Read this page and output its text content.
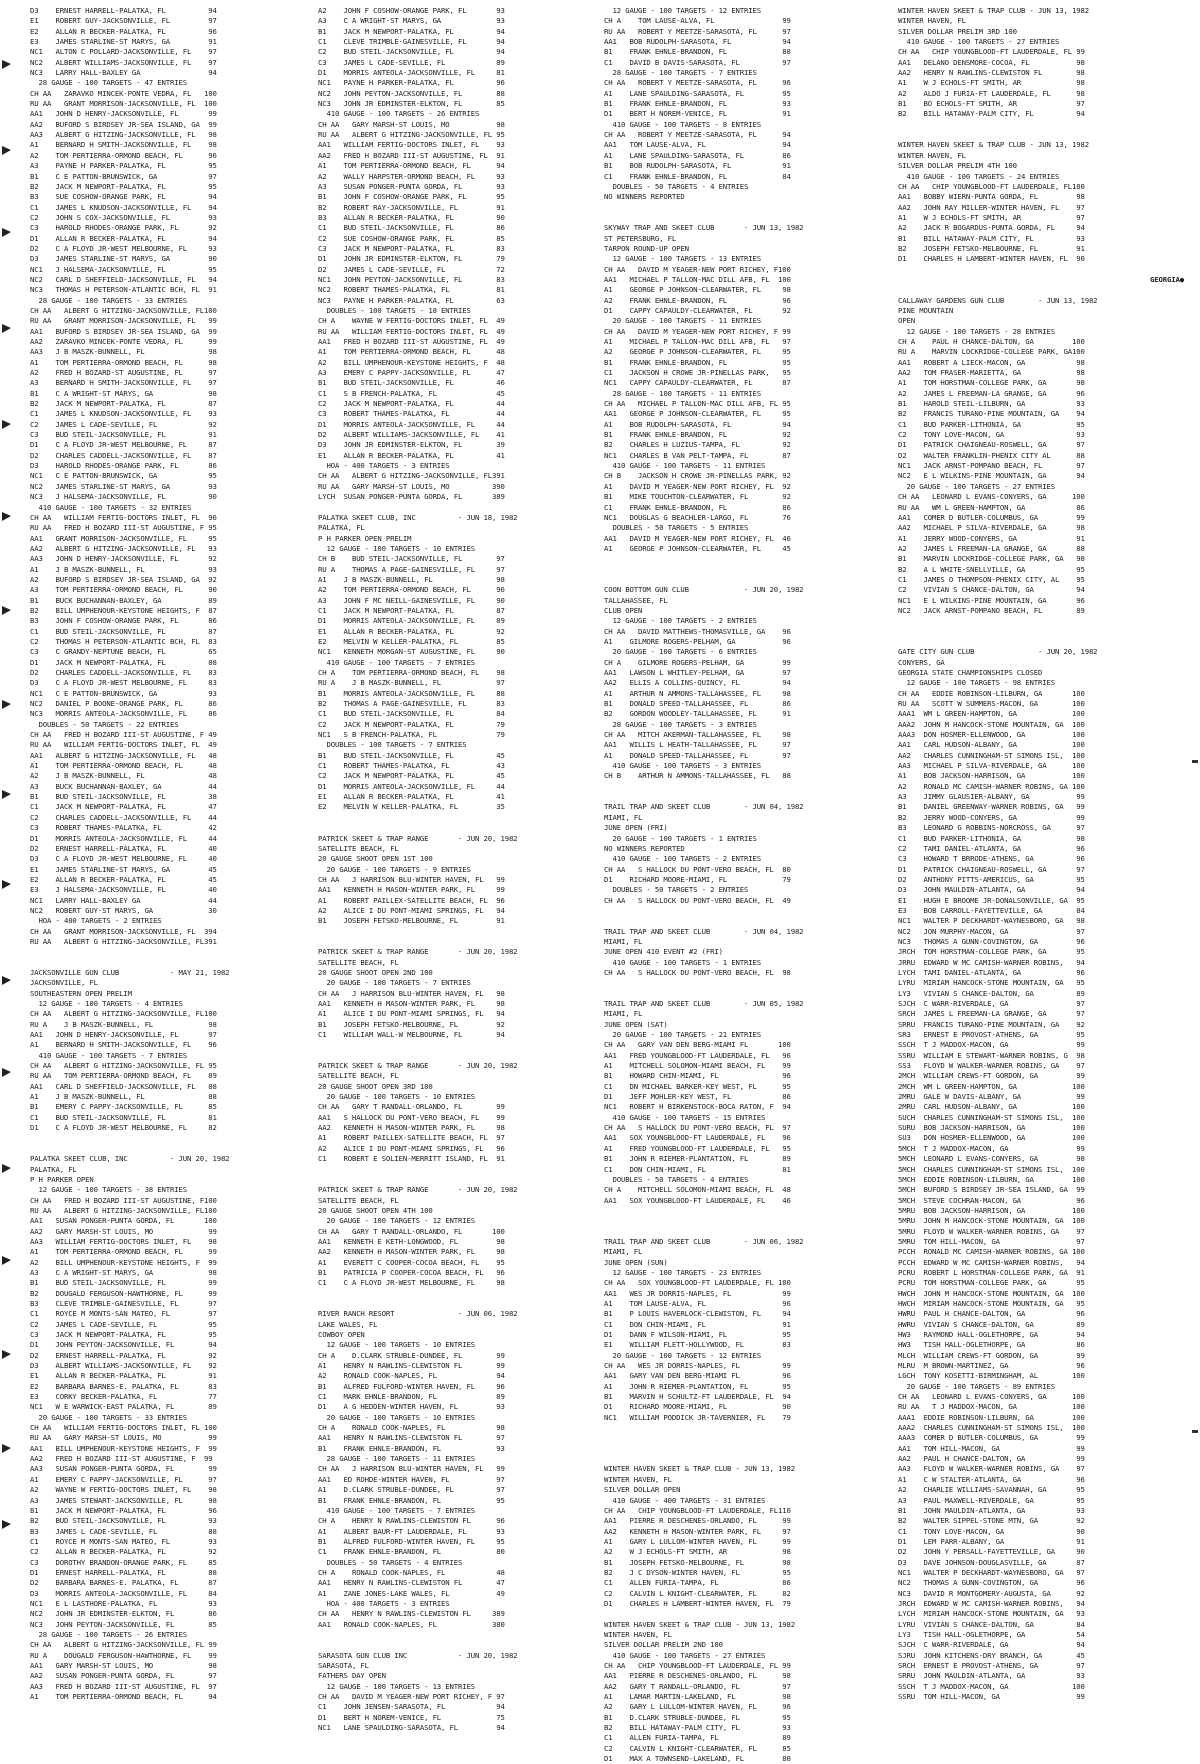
D3    ERNEST HARRELL-PALATKA, FL          94
E1    ROBERT GUY-JACKSONVILLE, FL         97
E2    ALLAN R BECKER-PALATKA, FL          96
E3    JAMES STARLINE-ST MARYS, GA         91
NC1   ALTON C POLLARD-JACKSONVILLE, FL    97
NC2   ALBERT WILLIAMS-JACKSONVILLE, FL    97
NC3   LARRY HALL-BAXLEY GA                94
28 GAUGE - 100 TARGETS - 47 ENTRIES
CH AA   ZARAVKO MINCEK-PONTE VEDRA, FL   100
RU AA   GRANT MORRISON-JACKSONVILLE, FL  100
AA1   JOHN D HENRY-JACKSONVILLE, FL       99
AA2   BUFORD S BIRDSEY JR-SEA ISLAND, GA  99
AA3   ALBERT G HITZING-JACKSONVILLE, FL   98
A1    BERNARD H SMITH-JACKSONVILLE, FL    98
A2    TOM PERTIERRA-ORMOND BEACH, FL      96
A3    PAYNE H PARKER-PALATKA, FL          95
B1    C E PATTON-BRUNSWICK, GA            97
B2    JACK M NEWPORT-PALATKA, FL          95
B3    SUE COSHOW-ORANGE PARK, FL          94
C1    JAMES L KNUDSON-JACKSONVILLE, FL    94
C2    JOHN S COX-JACKSONVILLE, FL         93
C3    HAROLD RHODES-ORANGE PARK, FL       92
D1    ALLAN R BECKER-PALATKA, FL          94
D2    C A FLOYD JR-WEST MELBOURNE, FL     93
D3    JAMES STARLINE-ST MARYS, GA         90
NC1   J HALSEMA-JACKSONVILLE, FL          95
NC2   CARL D SHEFFIELD-JACKSONVILLE, FL   94
NC3   THOMAS H PETERSON-ATLANTIC BCH, FL  91
28 GAUGE - 100 TARGETS - 33 ENTRIES
CH AA   ALBERT G HITZING-JACKSONVILLE, FL100
RU AA   GRANT MORRISON-JACKSONVILLE, FL   99
AA1   BUFORD S BIRDSEY JR-SEA ISLAND, GA  99
AA2   ZARAVKO MINCEK-PONTE VEDRA, FL      99
AA3   J B MASZK-BUNNELL, FL               98
A1    TOM PERTIERRA-ORMOND BEACH, FL      98
A2    FRED H BOZARD-ST AUGUSTINE, FL      97
A3    BERNARD H SMITH-JACKSONVILLE, FL    97
B1    C A WRIGHT-ST MARYS, GA             98
B2    JACK M NEWPORT-PALATKA, FL          87
C1    JAMES L KNUDSON-JACKSONVILLE, FL    93
C2    JAMES L CADE-SEVILLE, FL            92
C3    BUD STEIL-JACKSONVILLE, FL          91
D1    C A FLOYD JR-WEST MELBOURNE, FL     87
D2    CHARLES CADDELL-JACKSONVILLE, FL    87
D3    HAROLD RHODES-ORANGE PARK, FL       86
NC1   C E PATTON-BRUNSWICK, GA            95
NC2   JAMES STARLINE-ST MARYS, GA         93
NC3   J HALSEMA-JACKSONVILLE, FL          90
410 GAUGE - 100 TARGETS - 32 ENTRIES
CH AA   WILLIAM FERTIG-DOCTORS INLET, FL  96
RU AA   FRED H BOZARD III-ST AUGUSTINE, F 95
AA1   GRANT MORRISON-JACKSONVILLE, FL     95
AA2   ALBERT G HITZING-JACKSONVILLE, FL   93
AA3   JOHN D HENRY-JACKSONVILLE, FL       92
A1    J B MASZK-BUNNELL, FL               93
A2    BUFORD S BIRDSEY JR-SEA ISLAND, GA  92
A3    TOM PERTIERRA-ORMOND BEACH, FL      90
B1    BUCK BUCHANNAN-BAXLEY, GA           89
B2    BILL UMPHENOUR-KEYSTONE HEIGHTS, F  87
B3    JOHN F COSHOW-ORANGE PARK, FL       86
C1    BUD STEIL-JACKSONVILLE, FL          87
C2    THOMAS H PETERSON-ATLANTIC BCH, FL  83
C3    C GRANDY-NEPTUNE BEACH, FL          65
D1    JACK M NEWPORT-PALATKA, FL          88
D2    CHARLES CADDELL-JACKSONVILLE, FL    83
D3    C A FLOYD JR-WEST MELBOURNE, FL     83
NC1   C E PATTON-BRUNSWICK, GA            93
NC2   DANIEL P BOONE-ORANGE PARK, FL      86
NC3   MORRIS ANTEOLA-JACKSONVILLE, FL     86
DOUBLES - 50 TARGETS - 22 ENTRIES
CH AA   FRED H BOZARD III-ST AUGUSTINE, F 49
RU AA   WILLIAM FERTIG-DOCTORS INLET, FL  49
AA1   ALBERT G HITZING-JACKSONVILLE, FL   48
A1    TOM PERTIERRA-ORMOND BEACH, FL      48
A2    J B MASZK-BUNNELL, FL               48
A3    BUCK BUCHANNAN-BAXLEY, GA           44
B1    BUD STEIL-JACKSONVILLE, FL          38
C1    JACK M NEWPORT-PALATKA, FL          47
C2    CHARLES CADDELL-JACKSONVILLE, FL    44
C3    ROBERT THAMES-PALATKA, FL           42
D1    MORRIS ANTEOLA-JACKSONVILLE, FL     44
D2    ERNEST HARRELL-PALATKA, FL          40
D3    C A FLOYD JR-WEST MELBOURNE, FL     40
E1    JAMES STARLINE-ST MARYS, GA         45
E2    ALLAN R BECKER-PALATKA, FL          45
E3    J HALSEMA-JACKSONVILLE, FL          40
NC1   LARRY HALL-BAXLEY GA                44
NC2   ROBERT GUY-ST MARYS, GA             30
HOA - 400 TARGETS - 2 ENTRIES
CH AA   GRANT MORRISON-JACKSONVILLE, FL  394
RU AA   ALBERT G HITZING-JACKSONVILLE, FL391
JACKSONVILLE GUN CLUB            - MAY 21, 1982
JACKSONVILLE, FL
SOUTHEASTERN OPEN PRELIM
12 GAUGE - 100 TARGETS - 4 ENTRIES
CH AA   ALBERT G HITZING-JACKSONVILLE, FL100
RU A    J B MASZK-BUNNELL, FL             98
AA1   JOHN D HENRY-JACKSONVILLE, FL       97
A1    BERNARD H SMITH-JACKSONVILLE, FL    96
410 GAUGE - 100 TARGETS - 7 ENTRIES
CH AA   ALBERT G HITZING-JACKSONVILLE, FL 95
RU AA   TOM PERTIERRA-ORMOND BEACH, FL    89
AA1   CARL D SHEFFIELD-JACKSONVILLE, FL   88
A1    J B MASZK-BUNNELL, FL               88
B1    EMERY C PAPPY-JACKSONVILLE, FL      85
C1    BUD STEIL-JACKSONVILLE, FL          81
D1    C A FLOYD JR-WEST MELBOURNE, FL     82
PALATKA SKEET CLUB, INC          - JUN 20, 1982
PALATKA, FL
P H PARKER OPEN
12 GAUGE - 100 TARGETS - 38 ENTRIES
CH AA   FRED H BOZARD III-ST AUGUSTINE, F100
RU AA   ALBERT G HITZING-JACKSONVILLE, FL100
AA1   SUSAN PONGER-PUNTA GORDA, FL       100
AA2   GARY MARSH-ST LOUIS, MO             99
AA3   WILLIAM FERTIG-DOCTORS INLET, FL    98
A1    TOM PERTIERRA-ORMOND BEACH, FL      99
A2    BILL UMPHENOUR-KEYSTONE HEIGHTS, F  99
A3    C A WRIGHT-ST MARYS, GA             98
B1    BUD STEIL-JACKSONVILLE, FL          99
B2    DOUGALD FERGUSON-HAWTHORNE, FL      99
B3    CLEVE TRIMBLE-GAINESVILLE, FL       97
C1    ROYCE M MONTS-SAN MATEO, FL         97
C2    JAMES L CADE-SEVILLE, FL            95
C3    JACK M NEWPORT-PALATKA, FL          95
D1    JOHN PEYTON-JACKSONVILLE, FL        94
D2    ERNEST HARRELL-PALATKA, FL          92
D3    ALBERT WILLIAMS-JACKSONVILLE, FL    92
E1    ALLAN R BECKER-PALATKA, FL          91
E2    BARBARA BARNES-E. PALATKA, FL       83
E3    CORKY BECKER-PALATKA, FL            77
NC1   W E WARWICK-EAST PALATKA, FL        89
20 GAUGE - 100 TARGETS - 33 ENTRIES
CH AA   WILLIAM FERTIG-DOCTORS INLET, FL 100
RU AA   GARY MARSH-ST LOUIS, MO           99
AA1   BILL UMPHENOUR-KEYSTONE HEIGHTS, F  99
AA2   FRED H BOZARD III-ST AUGUSTINE, F  99
AA3   SUSAN PONGER-PUNTA GORDA, FL        99
A1    EMERY C PAPPY-JACKSONVILLE, FL      97
A2    WAYNE W FERTIG-DOCTORS INLET, FL    98
A3    JAMES STEWART-JACKSONVILLE, FL      98
B1    JACK M NEWPORT-PALATKA, FL          96
B2    BUD STEIL-JACKSONVILLE, FL          93
B3    JAMES L CADE-SEVILLE, FL            88
C1    ROYCE M MONTS-SAN MATEO, FL         93
C2    ALLAN R BECKER-PALATKA, FL          92
C3    DOROTHY BRANDON-ORANGE PARK, FL     85
D1    ERNEST HARRELL-PALATKA, FL          88
D2    BARBARA BARNES-E. PALATKA, FL       87
D3    MORRIS ANTEOLA-JACKSONVILLE, FL     84
NC1   E L LASTHORE-PALATKA, FL            93
NC2   JOHN JR EDMINSTER-ELKTON, FL        86
NC3   JOHN PEYTON-JACKSONVILLE, FL        85
28 GAUGE - 100 TARGETS - 26 ENTRIES
CH AA   ALBERT G HITZING-JACKSONVILLE, FL 99
RU A    DOUGALD FERGUSON-HAWTHORNE, FL    99
AA1   GARY MARSH-ST LOUIS, MO             98
AA2   SUSAN PONGER-PUNTA GORDA, FL        97
AA3   FRED H BOZARD III-ST AUGUSTINE, FL  97
A1    TOM PERTIERRA-ORMOND BEACH, FL      94
A2    JOHN F COSHOW-ORANGE PARK, FL       93
A3    C A WRIGHT-ST MARYS, GA             93
B1    JACK M NEWPORT-PALATKA, FL          94
C1    CLEVE TRIMBLE-GAINESVILLE, FL       94
C2    BUD STEIL-JACKSONVILLE, FL          94
C3    JAMES L CADE-SEVILLE, FL            89
D1    MORRIS ANTEOLA-JACKSONVILLE, FL     81
NC1   PAYNE H PARKER-PALATKA, FL          96
NC2   JOHN PEYTON-JACKSONVILLE, FL        88
NC3   JOHN JR EDMINSTER-ELKTON, FL        85
410 GAUGE - 100 TARGETS - 26 ENTRIES
CH AA   GARY MARSH-ST LOUIS, MO           98
RU AA   ALBERT G HITZING-JACKSONVILLE, FL 95
AA1   WILLIAM FERTIG-DOCTORS INLET, FL    93
AA2   FRED H BOZARD III-ST AUGUSTINE, FL  91
A1    TOM PERTIERRA-ORMOND BEACH, FL      94
A2    WALLY HARPSTER-ORMOND BEACH, FL     93
A3    SUSAN PONGER-PUNTA GORDA, FL        93
B1    JOHN F COSHOW-ORANGE PARK, FL       95
B2    ROBERT RAY-JACKSONVILLE, FL         91
B3    ALLAN R BECKER-PALATKA, FL          90
C1    BUD STEIL-JACKSONVILLE, FL          86
C2    SUE COSHOW-ORANGE PARK, FL          85
C3    JACK M NEWPORT-PALATKA, FL          83
D1    JOHN JR EDMINSTER-ELKTON, FL        79
D2    JAMES L CADE-SEVILLE, FL            72
NC1   JOHN PEYTON-JACKSONVILLE, FL        83
NC2   ROBERT THAMES-PALATKA, FL           81
NC3   PAYNE H PARKER-PALATKA, FL          63
DOUBLES - 100 TARGETS - 18 ENTRIES
CH A    WAYNE W FERTIG-DOCTORS INLET, FL  49
RU AA   WILLIAM FERTIG-DOCTORS INLET, FL  49
AA1   FRED H BOZARD III-ST AUGUSTINE, FL  49
A1    TOM PERTIERRA-ORMOND BEACH, FL      48
A2    BILL UMPHENOUR-KEYSTONE HEIGHTS, F  48
A3    EMERY C PAPPY-JACKSONVILLE, FL      47
B1    BUD STEIL-JACKSONVILLE, FL          46
C1    S B FRENCH-PALATKA, FL              45
C2    JACK M NEWPORT-PALATKA, FL          44
C3    ROBERT THAMES-PALATKA, FL           44
D1    MORRIS ANTEOLA-JACKSONVILLE, FL     44
D2    ALBERT WILLIAMS-JACKSONVILLE, FL    41
D3    JOHN JR EDMINSTER-ELKTON, FL        39
E1    ALLAN R BECKER-PALATKA, FL          41
HOA - 400 TARGETS - 3 ENTRIES
CH AA   ALBERT G HITZING-JACKSONVILLE, FL391
RU AA   GARY MARSH-ST LOUIS, MO          390
LYCH  SUSAN PONGER-PUNTA GORDA, FL       389
PALATKA SKEET CLUB, INC          - JUN 18, 1982
PALATKA, FL
P H PARKER OPEN PRELIM
12 GAUGE - 100 TARGETS - 10 ENTRIES
CH B    BUD STEIL-JACKSONVILLE, FL        97
RU A    THOMAS A PAGE-GAINESVILLE, FL     97
A1    J B MASZK-BUNNELL, FL               98
A2    TOM PERTIERRA-ORMOND BEACH, FL      96
A3    JOHN F MC NEILL-GAINESVILLE, FL     90
C1    JACK M NEWPORT-PALATKA, FL          87
D1    MORRIS ANTEOLA-JACKSONVILLE, FL     89
E1    ALLAN R BECKER-PALATKA, FL          92
E2    MELVIN W KELLER-PALATKA, FL         85
NC1   KENNETH MORGAN-ST AUGUSTINE, FL     90
410 GAUGE - 100 TARGETS - 7 ENTRIES
CH A    TOM PERTIERRA-ORMOND BEACH, FL    98
RU A    J B MASZK-BUNNELL, FL             97
B1    MORRIS ANTEOLA-JACKSONVILLE, FL     88
B2    THOMAS A PAGE-GAINESVILLE, FL       83
C1    BUD STEIL-JACKSONVILLE, FL          84
C2    JACK M NEWPORT-PALATKA, FL          79
NC1   S B FRENCH-PALATKA, FL              79
DOUBLES - 100 TARGETS - 7 ENTRIES
B1    BUD STEIL-JACKSONVILLE, FL          45
C1    ROBERT THAMES-PALATKA, FL           43
C2    JACK M NEWPORT-PALATKA, FL          45
D1    MORRIS ANTEOLA-JACKSONVILLE, FL     44
E1    ALLAN R BECKER-PALATKA, FL          41
E2    MELVIN W KELLER-PALATKA, FL         35
PATRICK SKEET & TRAP RANGE       - JUN 20, 1982
SATELLITE BEACH, FL
20 GAUGE SHOOT OPEN 1ST 100
20 GAUGE - 100 TARGETS - 9 ENTRIES
CH AA   J HARRISON BLU-WINTER HAVEN, FL   99
AA1   KENNETH H MASON-WINTER PARK, FL     99
A1    ROBERT PAILLEX-SATELLITE BEACH, FL  96
A2    ALICE I DU PONT-MIAMI SPRINGS, FL   94
B1    JOSEPH FETSKO-MELBOURNE, FL         91
PATRICK SKEET & TRAP RANGE       - JUN 20, 1982
SATELLITE BEACH, FL
20 GAUGE SHOOT OPEN 2ND 100
20 GAUGE - 100 TARGETS - 7 ENTRIES
CH AA   J HARRISON BLU-WINTER HAVEN, FL   98
AA1   KENNETH H MASON-WINTER PARK, FL     98
A1    ALICE I DU PONT-MIAMI SPRINGS, FL   94
B1    JOSEPH FETSKO-MELBOURNE, FL         92
C1    WILLIAM WALL-W MELBOURNE, FL        94
PATRICK SKEET & TRAP RANGE       - JUN 20, 1982
SATELLITE BEACH, FL
20 GAUGE SHOOT OPEN 3RD 100
20 GAUGE - 100 TARGETS - 10 ENTRIES
CH AA   GARY T RANDALL-ORLANDO, FL        99
AA1   S HALLOCK DU PONT-VERO BEACH, FL    99
AA2   KENNETH H MASON-WINTER PARK, FL     98
A1    ROBERT PAILLEX-SATELLITE BEACH, FL  97
A2    ALICE I DU PONT-MIAMI SPRINGS, FL   96
C1    ROBERT E SOLIEN-MERRITT ISLAND, FL  91
PATRICK SKEET & TRAP RANGE       - JUN 20, 1982
SATELLITE BEACH, FL
20 GAUGE SHOOT OPEN 4TH 100
20 GAUGE - 100 TARGETS - 12 ENTRIES
CH AA   GARY T RANDALL-ORLANDO, FL       100
AA1   KENNETH E KETH-LONGWOOD, FL         98
AA2   KENNETH H MASON-WINTER PARK, FL     98
A1    EVERETT C COOPER-COCOA BEACH, FL    95
B1    PATRICIA P COOPER-COCOA BEACH, FL   96
C1    C A FLOYD JR-WEST MELBOURNE, FL     98
RIVER RANCH RESORT               - JUN 06, 1982
LAKE WALES, FL
COWBOY OPEN
12 GAUGE - 100 TARGETS - 10 ENTRIES
CH A    D.CLARK STRUBLE-DUNDEE, FL        99
A1    HENRY N RAWLINS-CLEWISTON FL        99
A2    RONALD COOK-NAPLES, FL              94
B1    ALFRED FULFORD-WINTER HAVEN, FL     96
C1    MARK EHNLE-BRANDON, FL              89
D1    A G HEDDEN-WINTER HAVEN, FL         93
20 GAUGE - 100 TARGETS - 10 ENTRIES
CH A    RONALD COOK-NAPLES, FL            98
AA1   HENRY N RAWLINS-CLEWISTON FL        97
B1    FRANK EHNLE-BRANDON, FL             93
28 GAUGE - 100 TARGETS - 11 ENTRIES
CH AA   J HARRISON BLU-WINTER HAVEN, FL   99
AA1   ED ROHDE-WINTER HAVEN, FL           97
A1    D.CLARK STRUBLE-DUNDEE, FL          97
B1    FRANK EHNLE-BRANDON, FL             95
410 GAUGE - 100 TARGETS - 7 ENTRIES
CH A    HENRY N RAWLINS-CLEWISTON FL      96
A1    ALBERT BAUR-FT LAUDERDALE, FL       93
B1    ALFRED FULFORD-WINTER HAVEN, FL     95
C1    FRANK EHNLE-BRANDON, FL             80
DOUBLES - 50 TARGETS - 4 ENTRIES
CH A    RONALD COOK-NAPLES, FL            48
AA1   HENRY N RAWLINS-CLEWISTON FL        47
A1    ZANE JONES-LAKE WALES, FL           49
HOA - 400 TARGETS - 3 ENTRIES
CH AA   HENRY N RAWLINS-CLEWISTON FL     389
AA1   RONALD COOK-NAPLES, FL             380
SARASOTA GUN CLUB INC            - JUN 20, 1982
SARASOTA, FL
FATHERS DAY OPEN
12 GAUGE - 100 TARGETS - 13 ENTRIES
CH AA   DAVID M YEAGER-NEW PORT RICHEY, F 97
C1    JOHN JENSEN-SARASOTA, FL            94
D1    BERT H NOREM-VENICE, FL             75
NC1   LANE SPAULDING-SARASOTA, FL         94
12 GAUGE - 100 TARGETS - 12 ENTRIES
CH A    TOM LAUSE-ALVA, FL                99
RU AA   ROBERT Y MEETZE-SARASOTA, FL      97
AA1   BOB RUDOLPH-SARASOTA, FL            94
B1    FRANK EHNLE-BRANDON, FL             88
C1    DAVID B DAVIS-SARASOTA, FL          97
28 GAUGE - 100 TARGETS - 7 ENTRIES
CH AA   ROBERT Y MEETZE-SARASOTA, FL      96
A1    LANE SPAULDING-SARASOTA, FL         95
B1    FRANK EHNLE-BRANDON, FL             93
D1    BERT H NOREM-VENICE, FL             91
410 GAUGE - 100 TARGETS - 8 ENTRIES
CH AA   ROBERT Y MEETZE-SARASOTA, FL      94
AA1   TOM LAUSE-ALVA, FL                  94
A1    LANE SPAULDING-SARASOTA, FL         86
B1    BOB RUDOLPH-SARASOTA, FL            91
C1    FRANK EHNLE-BRANDON, FL             84
DOUBLES - 50 TARGETS - 4 ENTRIES
NO WINNERS REPORTED
SKYWAY TRAP AND SKEET CLUB       - JUN 13, 1982
ST PETERSBURG, FL
TARPON ROUND-UP OPEN
12 GAUGE - 100 TARGETS - 13 ENTRIES
CH AA   DAVID M YEAGER-NEW PORT RICHEY, F100
AA1   MICHAEL P TALLON-MAC DILL AFB, FL  100
A1    GEORGE P JOHNSON-CLEARWATER, FL     98
A2    FRANK EHNLE-BRANDON, FL             96
D1    CAPPY CAPAULDY-CLEARWATER, FL       92
20 GAUGE - 100 TARGETS - 11 ENTRIES
CH AA   DAVID M YEAGER-NEW PORT RICHEY, F 99
A1    MICHAEL P TALLON-MAC DILL AFB, FL   97
A2    GEORGE P JOHNSON-CLEARWATER, FL     95
B1    FRANK EHNLE-BRANDON, FL             95
C1    JACKSON H CROWE JR-PINELLAS PARK,   95
NC1   CAPPY CAPAULDY-CLEARWATER, FL       87
28 GAUGE - 100 TARGETS - 11 ENTRIES
CH AA   MICHAEL P TALLON-MAC DILL AFB, FL 95
AA1   GEORGE P JOHNSON-CLEARWATER, FL     95
A1    BOB RUDOLPH-SARASOTA, FL            94
B1    FRANK EHNLE-BRANDON, FL             92
B2    CHARLES H LUZIUS-TAMPA, FL          92
NC1   CHARLES B VAN PELT-TAMPA, FL        87
410 GAUGE - 100 TARGETS - 11 ENTRIES
CH B    JACKSON H CROWE JR-PINELLAS PARK, 92
A1    DAVID M YEAGER-NEW PORT RICHEY, FL  92
B1    MIKE TOUCHTON-CLEARWATER, FL        92
C1    FRANK EHNLE-BRANDON, FL             86
NC1   DOUGLAS G BEACHLER-LARGO, FL        76
DOUBLES - 50 TARGETS - 5 ENTRIES
AA1   DAVID M YEAGER-NEW PORT RICHEY, FL  46
A1    GEORGE P JOHNSON-CLEARWATER, FL     45
COON BOTTOM GUN CLUB             - JUN 20, 1982
TALLAHASSEE, FL
CLUB OPEN
12 GAUGE - 100 TARGETS - 2 ENTRIES
CH AA   DAVID MATTHEWS-THOMASVILLE, GA    96
A1    GILMORE ROGERS-PELHAM, GA           96
20 GAUGE - 100 TARGETS - 6 ENTRIES
CH A    GILMORE ROGERS-PELHAM, GA         99
AA1   LAWSON L WHITLEY-PELHAM, GA         97
AA2   ELLIS A COLLINS-QUINCY, FL          94
A1    ARTHUR N AMMONS-TALLAHASSEE, FL     98
B1    DONALD SPEED-TALLAHASSEE, FL        86
B2    GORDON WOODLEY-TALLAHASSEE, FL      91
28 GAUGE - 100 TARGETS - 3 ENTRIES
CH AA   MITCH AKERMAN-TALLAHASSEE, FL     98
AA1   WILLIS L HEATH-TALLAHASSEE, FL      97
A1    DONALD SPEED-TALLAHASSEE, FL        97
410 GAUGE - 100 TARGETS - 3 ENTRIES
CH B    ARTHUR N AMMONS-TALLAHASSEE, FL   88
TRAIL TRAP AND SKEET CLUB        - JUN 04, 1982
MIAMI, FL
JUNE OPEN (FRI)
20 GAUGE - 100 TARGETS - 1 ENTRIES
NO WINNERS REPORTED
410 GAUGE - 100 TARGETS - 2 ENTRIES
CH AA   S HALLOCK DU PONT-VERO BEACH, FL  80
D1    RICHARD MOORE-MIAMI, FL             79
DOUBLES - 50 TARGETS - 2 ENTRIES
CH AA   S HALLOCK DU PONT-VERO BEACH, FL  49
TRAIL TRAP AND SKEET CLUB        - JUN 04, 1982
MIAMI, FL
JUNE OPEN 410 EVENT #2 (FRI)
410 GAUGE - 100 TARGETS - 1 ENTRIES
CH AA   S HALLOCK DU PONT-VERO BEACH, FL  98
TRAIL TRAP AND SKEET CLUB        - JUN 05, 1982
MIAMI, FL
JUNE OPEN (SAT)
20 GAUGE - 100 TARGETS - 21 ENTRIES
CH AA   GARY VAN DEN BERG-MIAMI FL       100
AA1   FRED YOUNGBLOOD-FT LAUDERDALE, FL   96
A1    MITCHELL SOLOMON-MIAMI BEACH, FL    99
B1    HOWARD CHIN-MIAMI, FL               96
C1    DN MICHAEL BARKER-KEY WEST, FL      95
D1    JEFF MOHLER-KEY WEST, FL            86
NC1   ROBERT H BIRKENSTOCK-BOCA RATON, F  94
410 GAUGE - 100 TARGETS - 15 ENTRIES
CH AA   S HALLOCK DU PONT-VERO BEACH, FL  97
AA1   SOX YOUNGBLOOD-FT LAUDERDALE, FL    96
A1    FRED YOUNGBLOOD-FT LAUDERDALE, FL   95
B1    JOHN R RIEMER-PLANTATION, FL        89
C1    DON CHIN-MIAMI, FL                  81
DOUBLES - 50 TARGETS - 4 ENTRIES
CH A    MITCHELL SOLOMON-MIAMI BEACH, FL  48
AA1   SOX YOUNGBLOOD-FT LAUDERDALE, FL    46
TRAIL TRAP AND SKEET CLUB        - JUN 06, 1982
MIAMI, FL
JUNE OPEN (SUN)
12 GAUGE - 100 TARGETS - 23 ENTRIES
CH AA   SOX YOUNGBLOOD-FT LAUDERDALE, FL 100
AA1   WES JR DORRIS-NAPLES, FL            99
A1    TOM LAUSE-ALVA, FL                  96
B1    P LOUIS HAVERLOCK-CLEWISTON, FL     94
C1    DON CHIN-MIAMI, FL                  91
D1    DANN F WILSON-MIAMI, FL             95
E1    WILLIAM FLETT-HOLLYWOOD, FL         83
20 GAUGE - 100 TARGETS - 12 ENTRIES
CH AA   WES JR DORRIS-NAPLES, FL          99
AA1   GARY VAN DEN BERG-MIAMI FL          96
A1    JOHN R RIEMER-PLANTATION, FL        95
B1    MARVIN H SCHULTZ-FT LAUDERDALE, FL  94
D1    RICHARD MOORE-MIAMI, FL             90
NC1   WILLIAM PODDICK JR-TAVERNIER, FL    79
WINTER HAVEN SKEET & TRAP CLUB - JUN 13, 1982
WINTER HAVEN, FL
SILVER DOLLAR OPEN
410 GAUGE - 400 TARGETS - 31 ENTRIES
CH AA   CHIP YOUNGBLOOD-FT LAUDERDALE, FL110
AA1   PIERRE R DESCHENES-ORLANDO, FL      99
AA2   KENNETH H MASON-WINTER PARK, FL     97
A1    GARY L LULLOM-WINTER HAVEN, FL      99
A2    W J ECHOLS-FT SMITH, AR             98
B1    JOSEPH FETSKO-MELBOURNE, FL         98
B2    J C DYSON-WINTER HAVEN, FL          95
C1    ALLEN FURIA-TAMPA, FL               86
C2    CALVIN L KNIGHT-CLEARWATER, FL      82
D1    CHARLES H LAMBERT-WINTER HAVEN, FL  79
WINTER HAVEN SKEET & TRAP CLUB - JUN 13, 1982
WINTER HAVEN, FL
SILVER DOLLAR PRELIM 2ND 100
410 GAUGE - 100 TARGETS - 27 ENTRIES
CH AA   CHIP YOUNGBLOOD-FT LAUDERDALE, FL 99
AA1   PIERRE R DESCHENES-ORLANDO, FL      98
AA2   GARY T RANDALL-ORLANDO, FL          97
A1    LAMAR MARTIN-LAKELAND, FL           98
A2    GARY L LULLOM-WINTER HAVEN, FL      96
B1    D.CLARK STRUBLE-DUNDEE, FL          95
B2    BILL HATAWAY-PALM CITY, FL          93
C1    ALLEN FURIA-TAMPA, FL               89
C2    CALVIN L KNIGHT-CLEARWATER, FL      85
D1    MAX A TOWNSEND-LAKELAND, FL         80
WINTER HAVEN SKEET & TRAP CLUB - JUN 13, 1982
WINTER HAVEN, FL
SILVER DOLLAR PRELIM 3RD 100
410 GAUGE - 100 TARGETS - 27 ENTRIES
CH AA   CHIP YOUNGBLOOD-FT LAUDERDALE, FL 99
AA1   DELANO DENSMORE-COCOA, FL           98
AA2   HENRY N RAWLINS-CLEWISTON FL        98
A1    W J ECHOLS-FT SMITH, AR             98
A2    ALDO J FURIA-FT LAUDERDALE, FL      98
B1    BO ECHOLS-FT SMITH, AR              97
B2    BILL HATAWAY-PALM CITY, FL          94
WINTER HAVEN SKEET & TRAP CLUB - JUN 13, 1982
WINTER HAVEN, FL
SILVER DOLLAR PRELIM 4TH 100
410 GAUGE - 100 TARGETS - 24 ENTRIES
CH AA   CHIP YOUNGBLOOD-FT LAUDERDALE, FL100
AA1   BOBBY WIERN-PUNTA GORDA, FL         98
AA2   JOHN RAY MILLER-WINTER HAVEN, FL    97
A1    W J ECHOLS-FT SMITH, AR             97
A2    JACK R BOGARDUS-PUNTA GORDA, FL     94
B1    BILL HATAWAY-PALM CITY, FL          93
B2    JOSEPH FETSKO-MELBOURNE, FL         91
D1    CHARLES H LAMBERT-WINTER HAVEN, FL  90
GEORGIA●
CALLAWAY GARDENS GUN CLUB        - JUN 13, 1982
PINE MOUNTAIN
OPEN
12 GAUGE - 100 TARGETS - 28 ENTRIES
CH A    PAUL H CHANCE-DALTON, GA         100
RU A    MARVIN LOCKRIDGE-COLLEGE PARK, GA100
AA1   ROBERT A LIECK-MACON, GA            98
AA2   TOM FRASER-MARIETTA, GA             98
A1    TOM HORSTMAN-COLLEGE PARK, GA       98
A2    JAMES L FREEMAN-LA GRANGE, GA       96
B1    HAROLD STEIL-LILBURN, GA            93
B2    FRANCIS TURANO-PINE MOUNTAIN, GA    94
C1    BUD PARKER-LITHONIA, GA             95
C2    TONY LOVE-MACON, GA                 93
D1    PATRICK CHAIGNEAU-ROSWELL, GA       97
D2    WALTER FRANKLIN-PHENIX CITY AL      88
NC1   JACK ARNST-POMPANO BEACH, FL        97
NC2   E L WILKINS-PINE MOUNTAIN, GA       94
20 GAUGE - 100 TARGETS - 27 ENTRIES
CH AA   LEONARD L EVANS-CONYERS, GA      100
RU AA   WM L GREEN-HAMPTON, GA            86
AA1   COMER D BUTLER-COLUMBUS, GA         99
AA2   MICHAEL P SILVA-RIVERDALE, GA       98
A1    JERRY WOOD-CONYERS, GA              91
A2    JAMES L FREEMAN-LA GRANGE, GA       88
B1    MARVIN LOCKRIDGE-COLLEGE PARK, GA   98
B2    A L WHITE-SNELLVILLE, GA            95
C1    JAMES O THOMPSON-PHENIX CITY, AL    95
C2    VIVIAN S CHANCE-DALTON, GA          94
NC1   E L WILKINS-PINE MOUNTAIN, GA       96
NC2   JACK ARNST-POMPANO BEACH, FL        89
GATE CITY GUN CLUB               - JUN 20, 1982
CONYERS, GA
GEORGIA STATE CHAMPIONSHIPS CLOSED
12 GAUGE - 100 TARGETS - 98 ENTRIES
CH AA   EDDIE ROBINSON-LILBURN, GA       100
RU AA   SCOTT W SUMMERS-MACON, GA        100
AAA1  WM L GREEN-HAMPTON, GA             100
AAA2  JOHN M HANCOCK-STONE MOUNTAIN, GA  100
AAA3  DON HOSMER-ELLENWOOD, GA           100
AA1   CARL HUDSON-ALBANY, GA             100
AA2   CHARLES CUNNINGHAM-ST SIMONS ISL,  100
AA3   MICHAEL P SILVA-RIVERDALE, GA      100
A1    BOB JACKSON-HARRISON, GA           100
A2    RONALD MC CAMISH-WARNER ROBINS, GA 100
A3    JIMMY GLAUSIER-ALBANY, GA           99
B1    DANIEL GREENWAY-WARNER ROBINS, GA   99
B2    JERRY WOOD-CONYERS, GA              99
B3    LEONARD G ROBBINS-NORCROSS, GA      97
C1    BUD PARKER-LITHONIA, GA             98
C2    TAMI DANIEL-ATLANTA, GA             96
C3    HOWARD T BRRODE-ATHENS, GA          96
D1    PATRICK CHAIGNEAU-ROSWELL, GA       97
D2    ANTHONY PITTS-AMERICUS, GA          95
D3    JOHN MAULDIN-ATLANTA, GA            94
E1    HUGH E BROOME JR-DONALSONVILLE, GA  95
E3    BOB CARROLL-FAYETTEVILLE, GA        84
NC1   WALTER P DECKHARDT-WAYNESBORO, GA   98
NC2   JON MURPHY-MACON, GA                97
NC3   THOMAS A GUNN-COVINGTON, GA         96
JRCH  TOM HORSTMAN-COLLEGE PARK, GA       95
JRRU  EDWARD W MC CAMISH-WARNER ROBINS,   94
LYCH  TAMI DANIEL-ATLANTA, GA             96
LYRU  MIRIAM HANCOCK-STONE MOUNTAIN, GA   95
LY3   VIVIAN S CHANCE-DALTON, GA          89
SJCH  C WARR-RIVERDALE, GA                97
SRCH  JAMES L FREEMAN-LA GRANGE, GA       97
SRRU  FRANCIS TURANO-PINE MOUNTAIN, GA    92
SR3   ERNEST E PROVOST-ATHENS, GA         95
SSCH  T J MADDOX-MACON, GA                99
SSRU  WILLIAM E STEWART-WARNER ROBINS, G  98
SS3   FLOYD W WALKER-WARNER ROBINS, GA    97
2MCH  WILLIAM CREWS-FT GORDON, GA         99
2MCH  WM L GREEN-HAMPTON, GA             100
2MRU  GALE W DAVIS-ALBANY, GA             99
2MRU  CARL HUDSON-ALBANY, GA             100
SUCH  CHARLES CUNNINGHAM-ST SIMONS ISL,  100
SURU  BOB JACKSON-HARRISON, GA           100
SU3   DON HOSMER-ELLENWOOD, GA           100
5MCH  T J MADDOX-MACON, GA                99
5MCH  LEONARD L EVANS-CONYERS, GA         98
5MCH  CHARLES CUNNINGHAM-ST SIMONS ISL,  100
5MCH  EDDIE ROBINSON-LILBURN, GA         100
5MCH  BUFORD S BIRDSEY JR-SEA ISLAND, GA  99
5MCH  STEVE COCHRAN-MACON, GA             96
5MRU  BOB JACKSON-HARRISON, GA           100
5MRU  JOHN M HANCOCK-STONE MOUNTAIN, GA  100
5MRU  FLOYD W WALKER-WARNER ROBINS, GA    97
5MRU  TOM HILL-MACON, GA                  97
PCCH  RONALD MC CAMISH-WARNER ROBINS, GA 100
PCCH  EDWARD W MC CAMISH-WARNER ROBINS,   94
PCRU  ROBERT L HORSTMAN-COLLEGE PARK, GA  91
PCRU  TOM HORSTMAN-COLLEGE PARK, GA       95
HWCH  JOHN M HANCOCK-STONE MOUNTAIN, GA  100
HWCH  MIRIAM HANCOCK-STONE MOUNTAIN, GA   95
HWRU  PAUL H CHANCE-DALTON, GA            96
HWRU  VIVIAN S CHANCE-DALTON, GA          89
HW3   RAYMOND HALL-OGLETHORPE, GA         94
HW3   TISH HALL-OGLETHORPE, GA            86
MLCH  WILLIAM CREWS-FT GORDON, GA         99
MLRU  M BROWN-MARTINEZ, GA                96
LGCH  TONY KOSETTI-BIRMINGHAM, AL        100
20 GAUGE - 100 TARGETS - 89 ENTRIES
CH AA   LEONARD L EVANS-CONYERS, GA      100
RU AA   T J MADDOX-MACON, GA             100
AAA1  EDDIE ROBINSON-LILBURN, GA         100
AAA2  CHARLES CUNNINGHAM-ST SIMONS ISL,  100
AAA3  COMER D BUTLER-COLUMBUS, GA         99
AA1   TOM HILL-MACON, GA                  99
AA2   PAUL H CHANCE-DALTON, GA            99
AA3   FLOYD W WALKER-WARNER ROBINS, GA    97
A1    C W STALTER-ATLANTA, GA             96
A2    CHARLIE WILLIAMS-SAVANNAH, GA       95
A3    PAUL MAXWELL-RIVERDALE, GA          95
B1    JOHN MAULDIN-ATLANTA, GA            93
B2    WALTER SIPPEL-STONE MTN, GA         92
C1    TONY LOVE-MACON, GA                 90
D1    LEM PARR-ALBANY, GA                 91
D2    JOHN Y PERSALL-FAYETTEVILLE, GA     90
D3    DAVE JOHNSON-DOUGLASVILLE, GA       87
NC1   WALTER P DECKHARDT-WAYNESBORO, GA   97
NC2   THOMAS A GUNN-COVINGTON, GA         96
NC3   DAVID R MONTGOMERY-AUGUSTA, GA      92
JRCH  EDWARD W MC CAMISH-WARNER ROBINS,   94
LYCH  MIRIAM HANCOCK-STONE MOUNTAIN, GA   93
LYRU  VIVIAN S CHANCE-DALTON, GA          84
LY3   TISH HALL-OGLETHORPE, GA            54
SJCH  C WARR-RIVERDALE, GA                94
SJRU  JOHN KITCHENS-DRY BRANCH, GA        45
SRCH  ERNEST E PROVOST-ATHENS, GA         97
SRRU  JOHN MAULDIN-ATLANTA, GA            93
SSCH  T J MADDOX-MACON, GA               100
SSRU  TOM HILL-MACON, GA                  99
